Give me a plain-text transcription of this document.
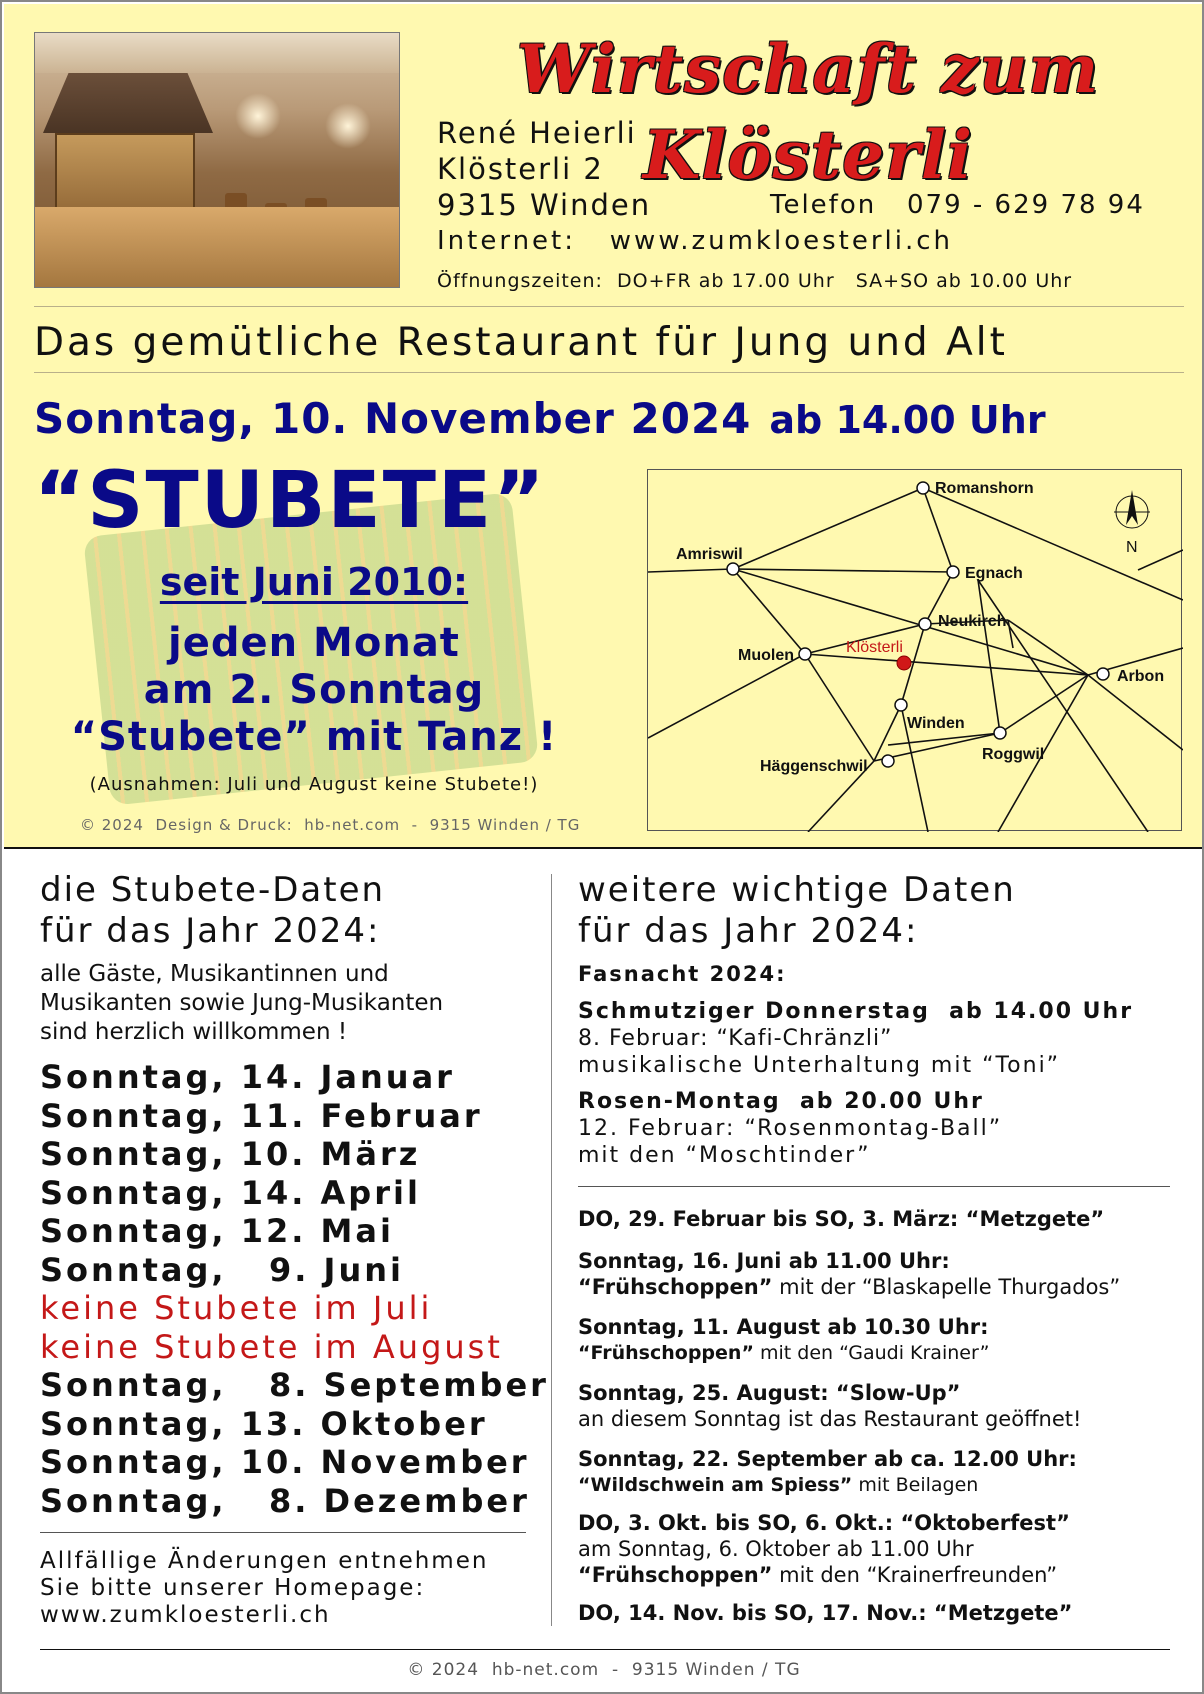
Wirtschaft zum Klösterli
René Heierli
Klösterli 2
9315 Winden	Telefon   079 - 629 78 94
Internet:   www.zumkloesterli.ch
Öffnungszeiten:  DO+FR ab 17.00 Uhr   SA+SO ab 10.00 Uhr
Das gemütliche Restaurant für Jung und Alt
Sonntag, 10. November 2024 ab 14.00 Uhr
“STUBETE”
seit Juni 2010:
jeden Monat
am 2. Sonntag
“Stubete” mit Tanz !
(Ausnahmen: Juli und August keine Stubete!)
© 2024  Design & Druck:  hb-net.com  -  9315 Winden / TG
Romanshorn
Amriswil
Egnach
Neukirch
Muolen	Klösterli
Arbon
Winden
Roggwil
Häggenschwil
N
die Stubete-Daten
für das Jahr 2024:
alle Gäste, Musikantinnen und
Musikanten sowie Jung-Musikanten
sind herzlich willkommen !
Sonntag, 14. Januar
Sonntag, 11. Februar
Sonntag, 10. März
Sonntag, 14. April
Sonntag, 12. Mai
Sonntag,   9. Juni
keine Stubete im Juli
keine Stubete im August
Sonntag,   8. September
Sonntag, 13. Oktober
Sonntag, 10. November
Sonntag,   8. Dezember
Allfällige Änderungen entnehmen
Sie bitte unserer Homepage:
www.zumkloesterli.ch
weitere wichtige Daten
für das Jahr 2024:
Fasnacht 2024:
Schmutziger Donnerstag  ab 14.00 Uhr
8. Februar: “Kafi-Chränzli”
musikalische Unterhaltung mit “Toni”
Rosen-Montag  ab 20.00 Uhr
12. Februar: “Rosenmontag-Ball”
mit den “Moschtinder”
DO, 29. Februar bis SO, 3. März: “Metzgete”
Sonntag, 16. Juni ab 11.00 Uhr:
“Frühschoppen” mit der “Blaskapelle Thurgados”
Sonntag, 11. August ab 10.30 Uhr:
“Frühschoppen” mit den “Gaudi Krainer”
Sonntag, 25. August: “Slow-Up”
an diesem Sonntag ist das Restaurant geöffnet!
Sonntag, 22. September ab ca. 12.00 Uhr:
“Wildschwein am Spiess” mit Beilagen
DO, 3. Okt. bis SO, 6. Okt.: “Oktoberfest”
am Sonntag, 6. Oktober ab 11.00 Uhr
“Frühschoppen” mit den “Krainerfreunden”
DO, 14. Nov. bis SO, 17. Nov.: “Metzgete”
© 2024  hb-net.com  -  9315 Winden / TG
